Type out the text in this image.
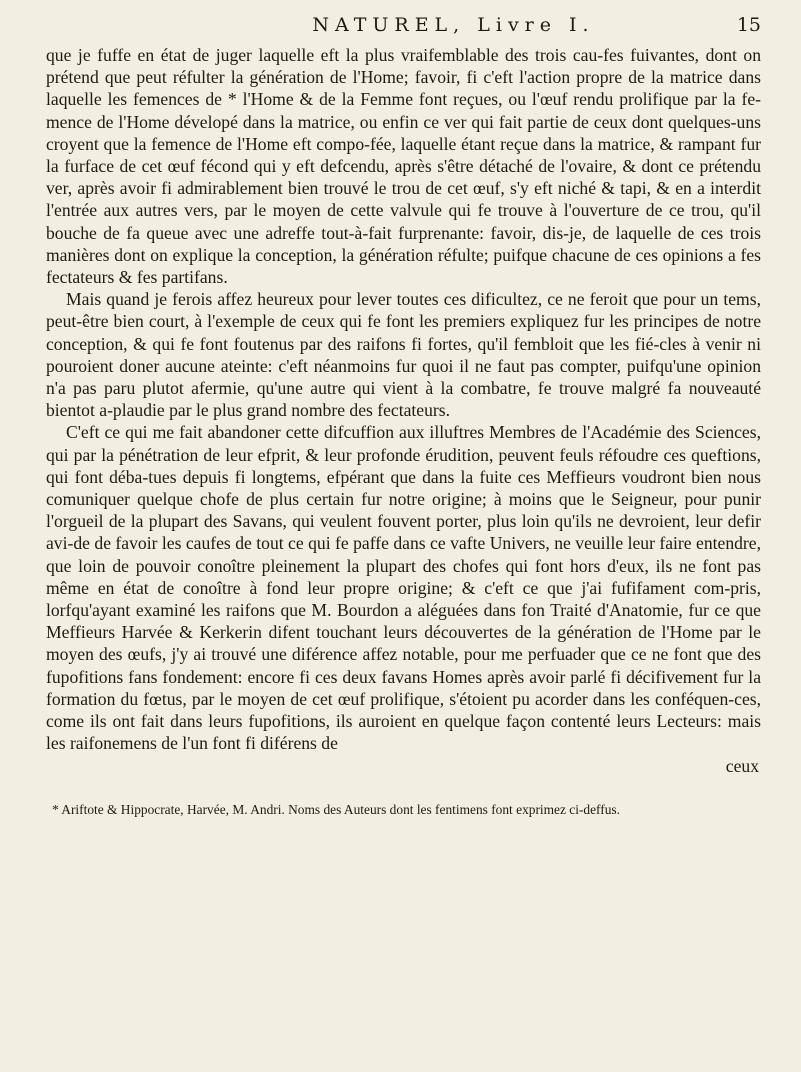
NATUREL, Livre I.	15

que je fuffe en état de juger laquelle eft la plus vraifemblable des trois cau-fes fuivantes, dont on prétend que peut réfulter la génération de l'Home; favoir, fi c'eft l'action propre de la matrice dans laquelle les femences de * l'Home & de la Femme font reçues, ou l'œuf rendu prolifique par la fe-mence de l'Home dévelopé dans la matrice, ou enfin ce ver qui fait partie de ceux dont quelques-uns croyent que la femence de l'Home eft compo-fée, laquelle étant reçue dans la matrice, & rampant fur la furface de cet œuf fécond qui y eft defcendu, après s'être détaché de l'ovaire, & dont ce prétendu ver, après avoir fi admirablement bien trouvé le trou de cet œuf, s'y eft niché & tapi, & en a interdit l'entrée aux autres vers, par le moyen de cette valvule qui fe trouve à l'ouverture de ce trou, qu'il bouche de fa queue avec une adreffe tout-à-fait furprenante: favoir, dis-je, de laquelle de ces trois manières dont on explique la conception, la génération réfulte; puifque chacune de ces opinions a fes fectateurs & fes partifans.

Mais quand je ferois affez heureux pour lever toutes ces dificultez, ce ne feroit que pour un tems, peut-être bien court, à l'exemple de ceux qui fe font les premiers expliquez fur les principes de notre conception, & qui fe font foutenus par des raifons fi fortes, qu'il fembloit que les fié-cles à venir ni pouroient doner aucune ateinte: c'eft néanmoins fur quoi il ne faut pas compter, puifqu'une opinion n'a pas paru plutot afermie, qu'une autre qui vient à la combatre, fe trouve malgré fa nouveauté bientot a-plaudie par le plus grand nombre des fectateurs.

C'eft ce qui me fait abandoner cette difcuffion aux illuftres Membres de l'Académie des Sciences, qui par la pénétration de leur efprit, & leur profonde érudition, peuvent feuls réfoudre ces queftions, qui font déba-tues depuis fi longtems, efpérant que dans la fuite ces Meffieurs voudront bien nous comuniquer quelque chofe de plus certain fur notre origine; à moins que le Seigneur, pour punir l'orgueil de la plupart des Savans, qui veulent fouvent porter, plus loin qu'ils ne devroient, leur defir avi-de de favoir les caufes de tout ce qui fe paffe dans ce vafte Univers, ne veuille leur faire entendre, que loin de pouvoir conoître pleinement la plupart des chofes qui font hors d'eux, ils ne font pas même en état de conoître à fond leur propre origine; & c'eft ce que j'ai fufifament com-pris, lorfqu'ayant examiné les raifons que M. Bourdon a aléguées dans fon Traité d'Anatomie, fur ce que Meffieurs Harvée & Kerkerin difent touchant leurs découvertes de la génération de l'Home par le moyen des œufs, j'y ai trouvé une diférence affez notable, pour me perfuader que ce ne font que des fupofitions fans fondement: encore fi ces deux favans Homes après avoir parlé fi décifivement fur la formation du fœtus, par le moyen de cet œuf prolifique, s'étoient pu acorder dans les conféquen-ces, come ils ont fait dans leurs fupofitions, ils auroient en quelque façon contenté leurs Lecteurs: mais les raifonemens de l'un font fi diférens de

ceux
* Ariftote & Hippocrate, Harvée, M. Andri. Noms des Auteurs dont les fentimens font exprimez ci-deffus.
